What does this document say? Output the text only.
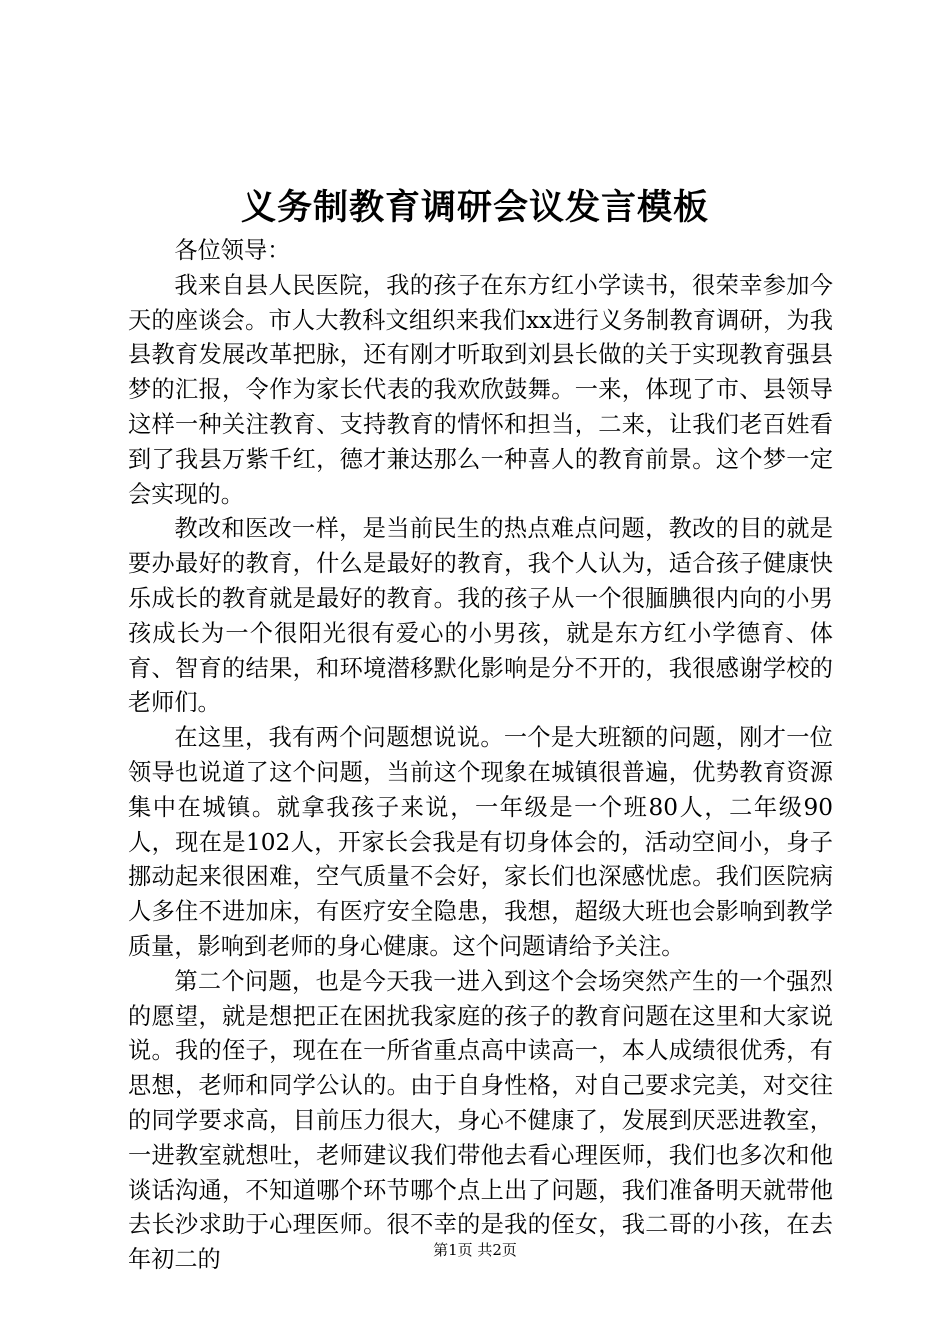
义务制教育调研会议发言模板

各位领导：

我来自县人民医院，我的孩子在东方红小学读书，很荣幸参加今天的座谈会。市人大教科文组织来我们xx进行义务制教育调研，为我县教育发展改革把脉，还有刚才听取到刘县长做的关于实现教育强县梦的汇报，令作为家长代表的我欢欣鼓舞。一来，体现了市、县领导这样一种关注教育、支持教育的情怀和担当，二来，让我们老百姓看到了我县万紫千红，德才兼达那么一种喜人的教育前景。这个梦一定会实现的。

教改和医改一样，是当前民生的热点难点问题，教改的目的就是要办最好的教育，什么是最好的教育，我个人认为，适合孩子健康快乐成长的教育就是最好的教育。我的孩子从一个很腼腆很内向的小男孩成长为一个很阳光很有爱心的小男孩，就是东方红小学德育、体育、智育的结果，和环境潜移默化影响是分不开的，我很感谢学校的老师们。

在这里，我有两个问题想说说。一个是大班额的问题，刚才一位领导也说道了这个问题，当前这个现象在城镇很普遍，优势教育资源集中在城镇。就拿我孩子来说，一年级是一个班80人，二年级90人，现在是102人，开家长会我是有切身体会的，活动空间小，身子挪动起来很困难，空气质量不会好，家长们也深感忧虑。我们医院病人多住不进加床，有医疗安全隐患，我想，超级大班也会影响到教学质量，影响到老师的身心健康。这个问题请给予关注。

第二个问题，也是今天我一进入到这个会场突然产生的一个强烈的愿望，就是想把正在困扰我家庭的孩子的教育问题在这里和大家说说。我的侄子，现在在一所省重点高中读高一，本人成绩很优秀，有思想，老师和同学公认的。由于自身性格，对自己要求完美，对交往的同学要求高，目前压力很大，身心不健康了，发展到厌恶进教室，一进教室就想吐，老师建议我们带他去看心理医师，我们也多次和他谈话沟通，不知道哪个环节哪个点上出了问题，我们准备明天就带他去长沙求助于心理医师。很不幸的是我的侄女，我二哥的小孩，在去年初二的	第1页 共2页
